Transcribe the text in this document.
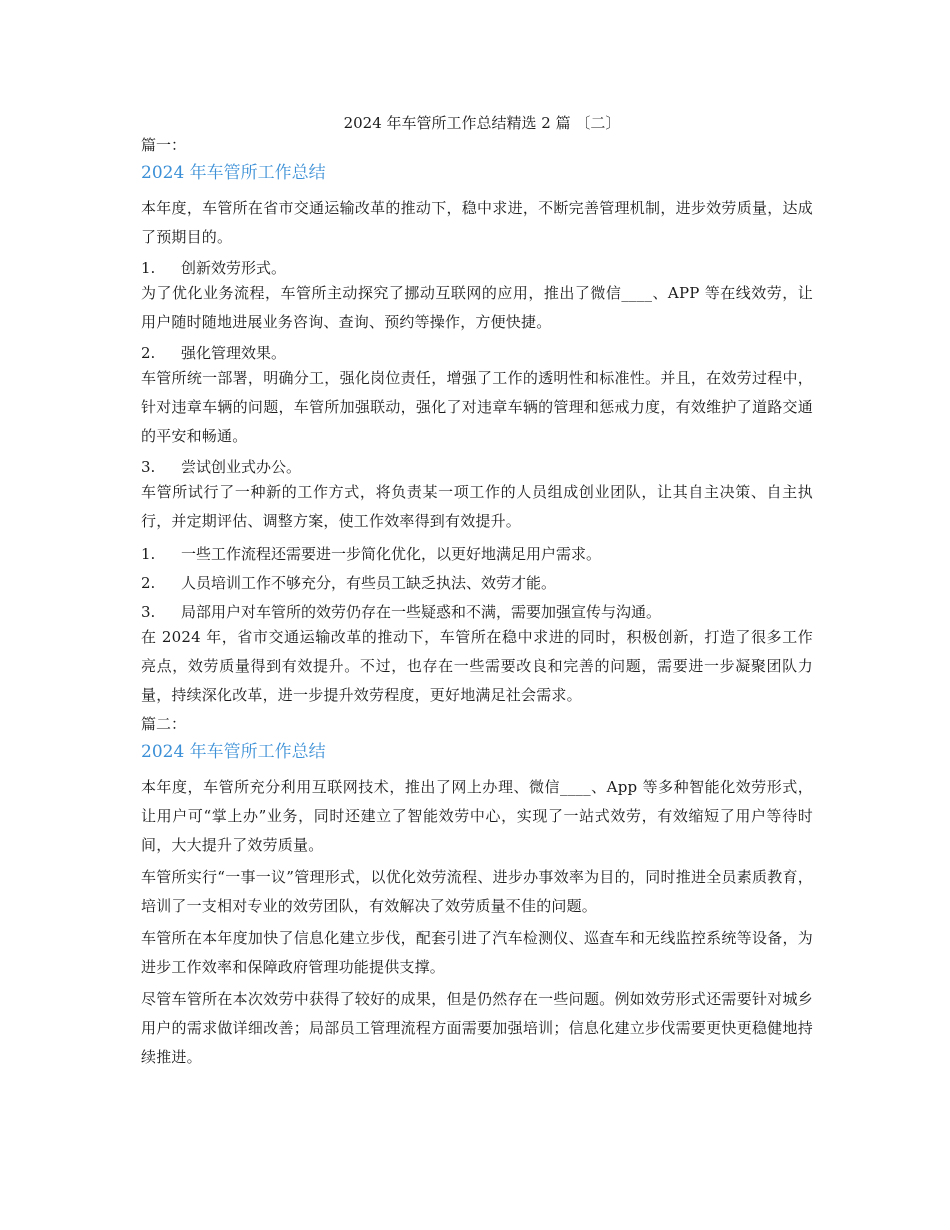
2024 年车管所工作总结精选 2 篇 〔二〕
篇一：
2024 年车管所工作总结
本年度，车管所在省市交通运输改革的推动下，稳中求进，不断完善管理机制，进步效劳质量，达成了预期目的。
1.	创新效劳形式。
为了优化业务流程，车管所主动探究了挪动互联网的应用，推出了微信____、APP 等在线效劳，让用户随时随地进展业务咨询、查询、预约等操作，方便快捷。
2.	强化管理效果。
车管所统一部署，明确分工，强化岗位责任，增强了工作的透明性和标准性。并且，在效劳过程中，针对违章车辆的问题，车管所加强联动，强化了对违章车辆的管理和惩戒力度，有效维护了道路交通的平安和畅通。
3.	尝试创业式办公。
车管所试行了一种新的工作方式，将负责某一项工作的人员组成创业团队，让其自主决策、自主执行，并定期评估、调整方案，使工作效率得到有效提升。
1.	一些工作流程还需要进一步简化优化，以更好地满足用户需求。
2.	人员培训工作不够充分，有些员工缺乏执法、效劳才能。
3.	局部用户对车管所的效劳仍存在一些疑惑和不满，需要加强宣传与沟通。
在 2024 年，省市交通运输改革的推动下，车管所在稳中求进的同时，积极创新，打造了很多工作亮点，效劳质量得到有效提升。不过，也存在一些需要改良和完善的问题，需要进一步凝聚团队力量，持续深化改革，进一步提升效劳程度，更好地满足社会需求。
篇二：
2024 年车管所工作总结
本年度，车管所充分利用互联网技术，推出了网上办理、微信____、App 等多种智能化效劳形式，让用户可“掌上办”业务，同时还建立了智能效劳中心，实现了一站式效劳，有效缩短了用户等待时间，大大提升了效劳质量。
车管所实行“一事一议”管理形式，以优化效劳流程、进步办事效率为目的，同时推进全员素质教育，培训了一支相对专业的效劳团队，有效解决了效劳质量不佳的问题。
车管所在本年度加快了信息化建立步伐，配套引进了汽车检测仪、巡查车和无线监控系统等设备，为进步工作效率和保障政府管理功能提供支撑。
尽管车管所在本次效劳中获得了较好的成果，但是仍然存在一些问题。例如效劳形式还需要针对城乡用户的需求做详细改善；局部员工管理流程方面需要加强培训；信息化建立步伐需要更快更稳健地持续推进。
